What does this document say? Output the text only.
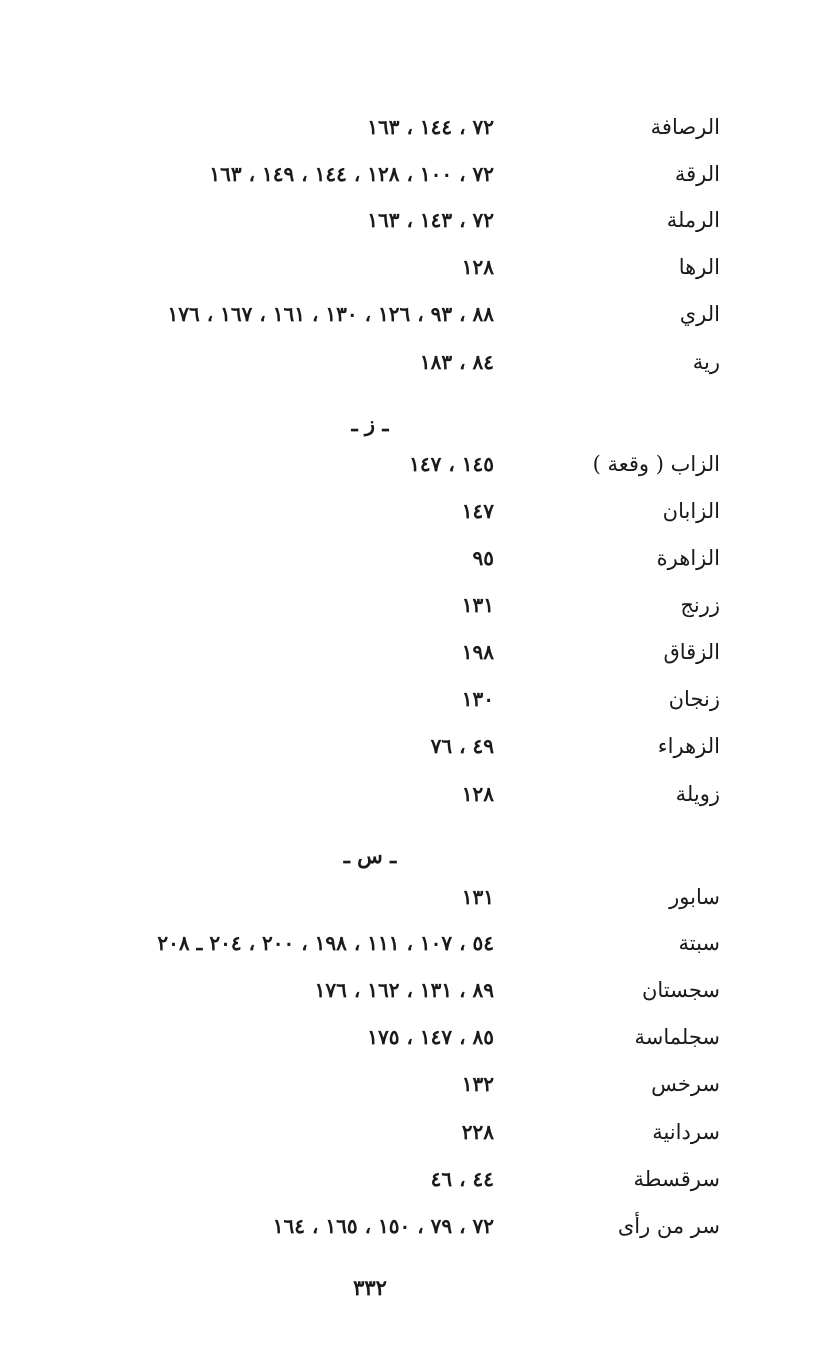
الرصافة
٧٢ ، ١٤٤ ، ١٦٣
الرقة
٧٢ ، ١٠٠ ، ١٢٨ ، ١٤٤ ، ١٤٩ ، ١٦٣
الرملة
٧٢ ، ١٤٣ ، ١٦٣
الرها
١٢٨
الري
٨٨ ، ٩٣ ، ١٢٦ ، ١٣٠ ، ١٦١ ، ١٦٧ ، ١٧٦
رية
٨٤ ، ١٨٣
ـ ز ـ
الزاب ( وقعة )
١٤٥ ، ١٤٧
الزابان
١٤٧
الزاهرة
٩٥
زرنج
١٣١
الزقاق
١٩٨
زنجان
١٣٠
الزهراء
٤٩ ، ٧٦
زويلة
١٢٨
ـ س ـ
سابور
١٣١
سبتة
٥٤ ، ١٠٧ ، ١١١ ، ١٩٨ ، ٢٠٠ ، ٢٠٤ ـ ٢٠٨
سجستان
٨٩ ، ١٣١ ، ١٦٢ ، ١٧٦
سجلماسة
٨٥ ، ١٤٧ ، ١٧٥
سرخس
١٣٢
سردانية
٢٢٨
سرقسطة
٤٤ ، ٤٦
سر من رأى
٧٢ ، ٧٩ ، ١٥٠ ، ١٦٥ ، ١٦٤
٣٣٢
